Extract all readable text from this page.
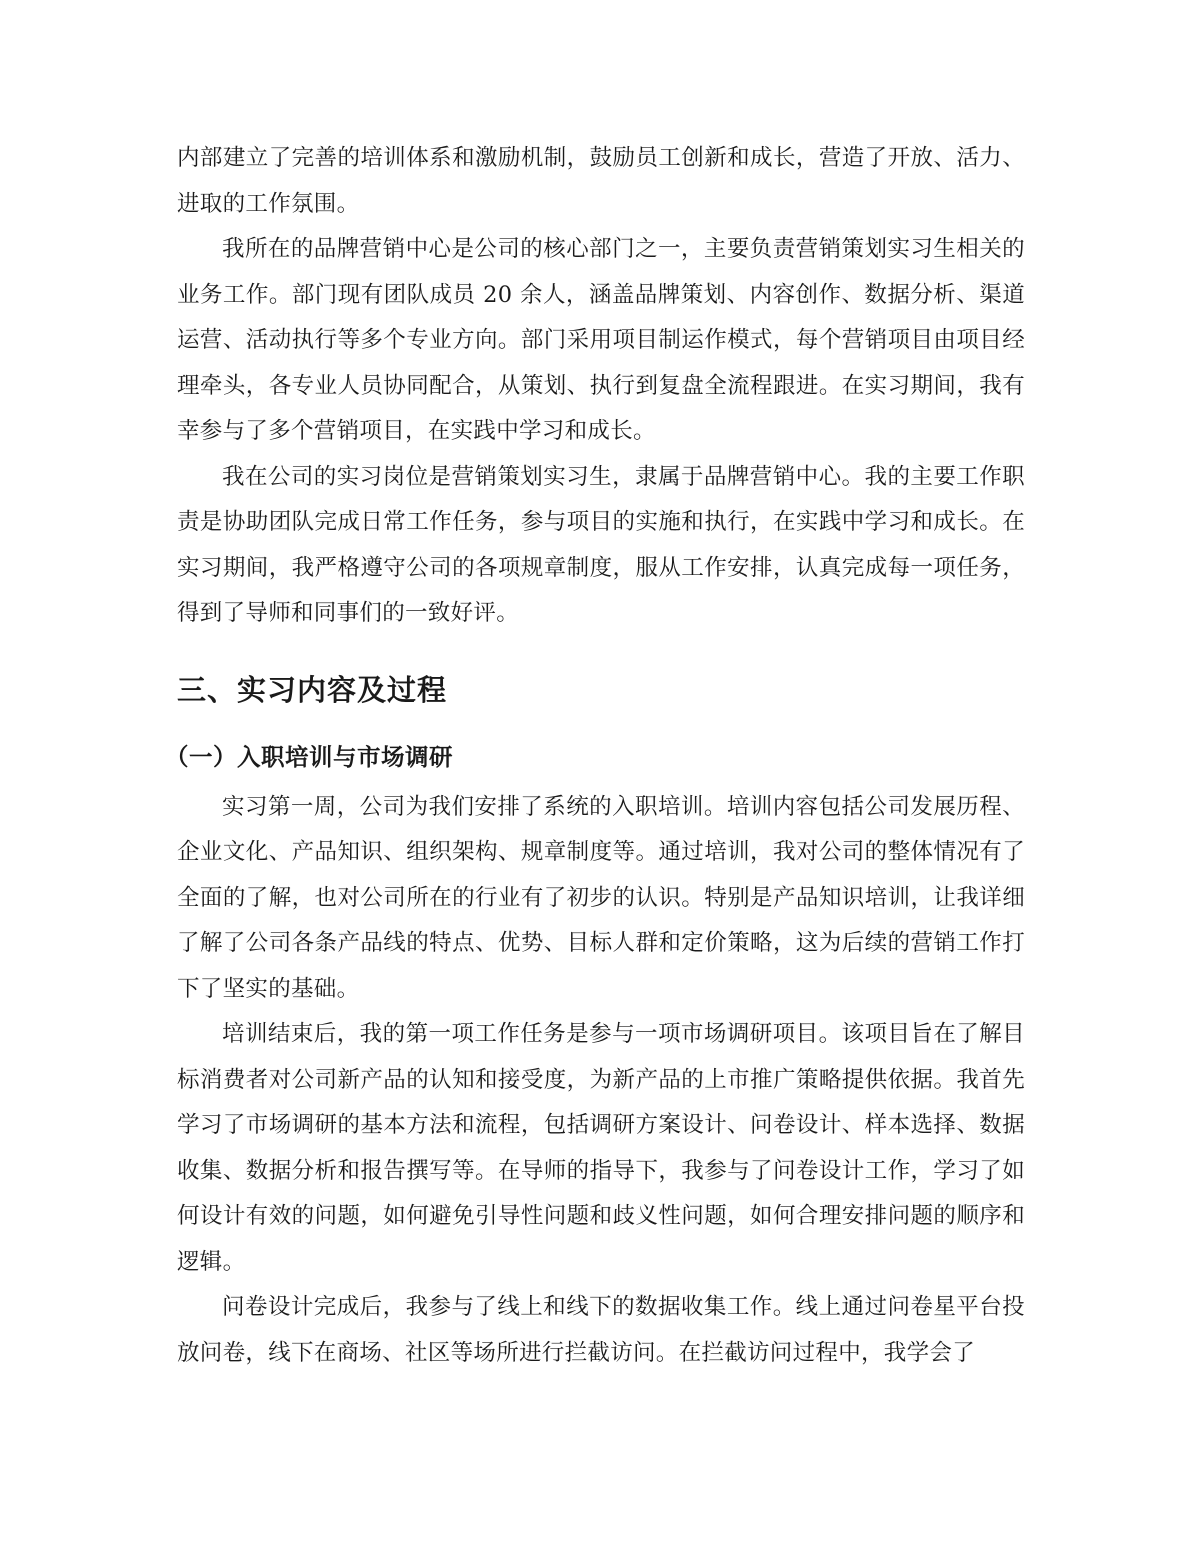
内部建立了完善的培训体系和激励机制，鼓励员工创新和成长，营造了开放、活力、进取的工作氛围。

我所在的品牌营销中心是公司的核心部门之一，主要负责营销策划实习生相关的业务工作。部门现有团队成员 20 余人，涵盖品牌策划、内容创作、数据分析、渠道运营、活动执行等多个专业方向。部门采用项目制运作模式，每个营销项目由项目经理牵头，各专业人员协同配合，从策划、执行到复盘全流程跟进。在实习期间，我有幸参与了多个营销项目，在实践中学习和成长。

我在公司的实习岗位是营销策划实习生，隶属于品牌营销中心。我的主要工作职责是协助团队完成日常工作任务，参与项目的实施和执行，在实践中学习和成长。在实习期间，我严格遵守公司的各项规章制度，服从工作安排，认真完成每一项任务，得到了导师和同事们的一致好评。

三、实习内容及过程
（一）入职培训与市场调研

实习第一周，公司为我们安排了系统的入职培训。培训内容包括公司发展历程、企业文化、产品知识、组织架构、规章制度等。通过培训，我对公司的整体情况有了全面的了解，也对公司所在的行业有了初步的认识。特别是产品知识培训，让我详细了解了公司各条产品线的特点、优势、目标人群和定价策略，这为后续的营销工作打下了坚实的基础。

培训结束后，我的第一项工作任务是参与一项市场调研项目。该项目旨在了解目标消费者对公司新产品的认知和接受度，为新产品的上市推广策略提供依据。我首先学习了市场调研的基本方法和流程，包括调研方案设计、问卷设计、样本选择、数据收集、数据分析和报告撰写等。在导师的指导下，我参与了问卷设计工作，学习了如何设计有效的问题，如何避免引导性问题和歧义性问题，如何合理安排问题的顺序和逻辑。

问卷设计完成后，我参与了线上和线下的数据收集工作。线上通过问卷星平台投放问卷，线下在商场、社区等场所进行拦截访问。在拦截访问过程中，我学会了
